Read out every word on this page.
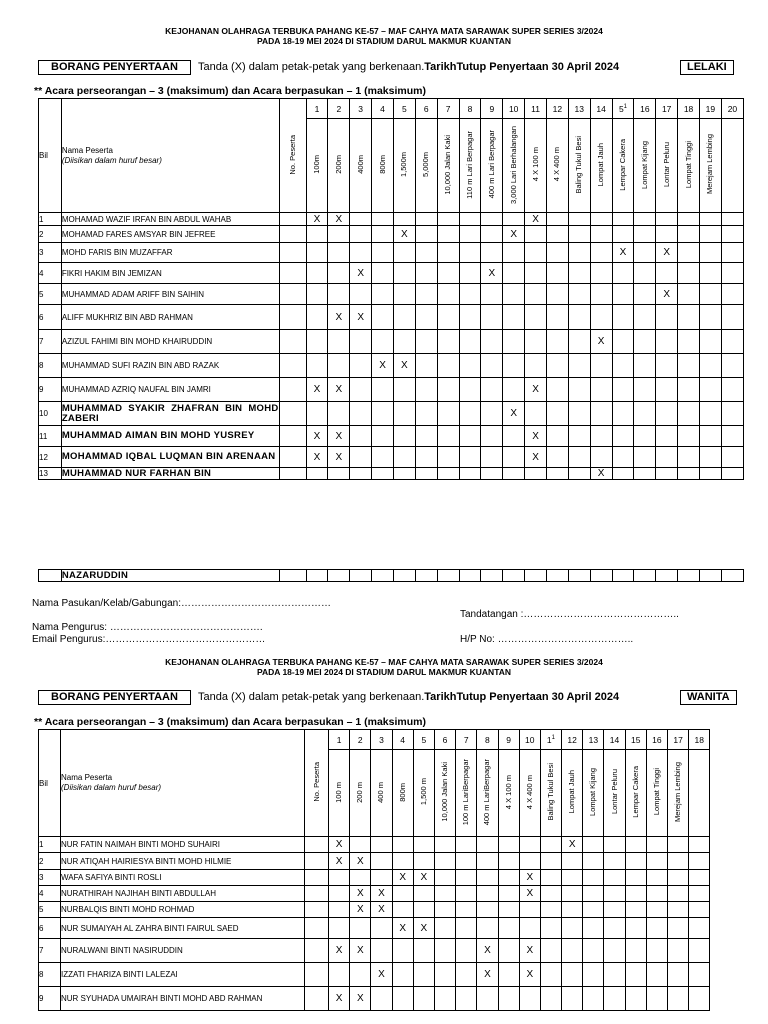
KEJOHANAN OLAHRAGA TERBUKA PAHANG KE-57 – MAF CAHYA MATA SARAWAK SUPER SERIES 3/2024
PADA 18-19 MEI 2024 DI STADIUM DARUL MAKMUR KUANTAN
BORANG PENYERTAAN	Tanda (X) dalam petak-petak yang berkenaan.TarikhTutup Penyertaan 30 April 2024	LELAKI
** Acara perseorangan – 3 (maksimum) dan Acara berpasukan – 1 (maksimum)
Bil	Nama Peserta
(Diisikan dalam huruf besar)	No. Peserta	1	2	3	4	5	6	7	8	9	10	11	12	13	14	$5^1$	16	17	18	19	20
			100m	200m	400m	800m	1,500m	5,000m	10,000 Jalan Kaki	110 m Lari Berpagar	400 m Lari Berpagar	3,000 Lari Berhalangan	4 X 100 m	4 X 400 m	Baling Tukul Besi	Lompat Jauh	Lempar Cakera	Lompat Kijang	Lontar Peluru	Lompat Tinggi	Merejam Lembing	
1	MOHAMAD WAZIF IRFAN BIN ABDUL WAHAB		X	X									X									
2	MOHAMAD FARES AMSYAR BIN JEFREE						X					X										
3	MOHD FARIS BIN MUZAFFAR																X		X			
4	FIKRI HAKIM BIN JEMIZAN				X						X											
5	MUHAMMAD ADAM ARIFF BIN SAIHIN																		X			
6	ALIFF MUKHRIZ BIN ABD RAHMAN			X	X																	
7	AZIZUL FAHIMI BIN MOHD KHAIRUDDIN															X						
8	MUHAMMAD SUFI RAZIN BIN ABD RAZAK					X	X															
9	MUHAMMAD AZRIQ NAUFAL BIN JAMRI		X	X									X									
10	MUHAMMAD SYAKIR ZHAFRAN BIN MOHD ZABERI											X										
11	MUHAMMAD AIMAN BIN MOHD YUSREY		X	X									X									
12	MOHAMMAD IQBAL LUQMAN BIN ARENAAN		X	X									X									
13	MUHAMMAD NUR FARHAN BIN															X						
	NAZARUDDIN																					
Nama Pasukan/Kelab/Gabungan:………………………………………
Tandatangan :………………………………………..
Nama Pengurus: ……………………………………….
Email Pengurus:…………………………………………	H/P No: …………………………………..
KEJOHANAN OLAHRAGA TERBUKA PAHANG KE-57 – MAF CAHYA MATA SARAWAK SUPER SERIES 3/2024
PADA 18-19 MEI 2024 DI STADIUM DARUL MAKMUR KUANTAN
BORANG PENYERTAAN	Tanda (X) dalam petak-petak yang berkenaan.TarikhTutup Penyertaan 30 April 2024	WANITA
** Acara perseorangan – 3 (maksimum) dan Acara berpasukan – 1 (maksimum)
Bil	Nama Peserta
(Diisikan dalam huruf besar)	No. Peserta	1	2	3	4	5	6	7	8	9	10	$1^1$	12	13	14	15	16	17	18
			100 m	200 m	400 m	800m	1,500 m	10,000 Jalan Kaki	100 m LariBerpagar	400 m LariBerpagar	4 X 100 m	4 X 400 m	Baling Tukul Besi	Lompat Jauh	Lompat Kijang	Lontar Peluru	Lempar Cakera	Lompat Tinggi	Merejam Lembing	
1	NUR FATIN NAIMAH BINTI MOHD SUHAIRI		X											X						
2	NUR ATIQAH HAIRIESYA BINTI MOHD HILMIE		X	X																
3	WAFA SAFIYA BINTI ROSLI					X	X					X								
4	NURATHIRAH NAJIHAH BINTI ABDULLAH			X	X							X								
5	NURBALQIS BINTI MOHD ROHMAD			X	X															
6	NUR SUMAIYAH AL ZAHRA BINTI FAIRUL SAED					X	X													
7	NURALWANI BINTI NASIRUDDIN		X	X						X		X								
8	IZZATI FHARIZA BINTI LALEZAI				X					X		X								
9	NUR SYUHADA UMAIRAH BINTI MOHD ABD RAHMAN		X	X																
